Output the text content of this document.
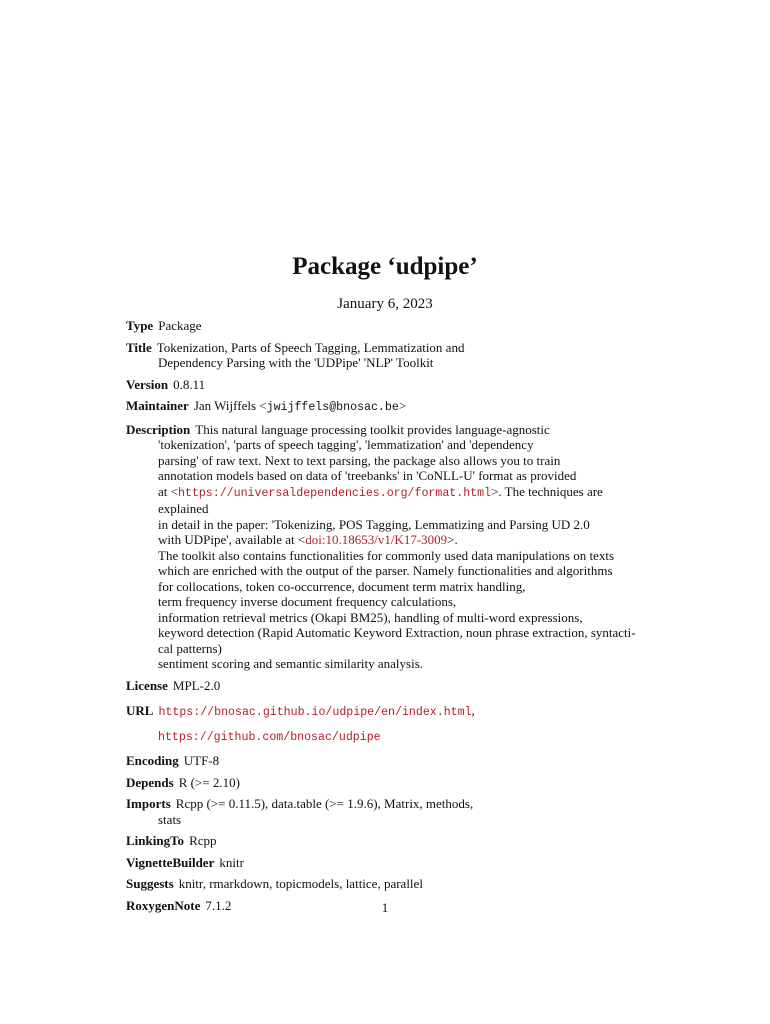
Package ‘udpipe’
January 6, 2023
Type Package
Title Tokenization, Parts of Speech Tagging, Lemmatization and
Dependency Parsing with the 'UDPipe' 'NLP' Toolkit
Version 0.8.11
Maintainer Jan Wijffels <jwijffels@bnosac.be>
Description This natural language processing toolkit provides language-agnostic
'tokenization', 'parts of speech tagging', 'lemmatization' and 'dependency
parsing' of raw text. Next to text parsing, the package also allows you to train
annotation models based on data of 'treebanks' in 'CoNLL-U' format as provided
at <https://universaldependencies.org/format.html>. The techniques are explained
in detail in the paper: 'Tokenizing, POS Tagging, Lemmatizing and Parsing UD 2.0
with UDPipe', available at <doi:10.18653/v1/K17-3009>.
The toolkit also contains functionalities for commonly used data manipulations on texts
which are enriched with the output of the parser. Namely functionalities and algorithms
for collocations, token co-occurrence, document term matrix handling,
term frequency inverse document frequency calculations,
information retrieval metrics (Okapi BM25), handling of multi-word expressions,
keyword detection (Rapid Automatic Keyword Extraction, noun phrase extraction, syntacti-
cal patterns)
sentiment scoring and semantic similarity analysis.
License MPL-2.0
URL https://bnosac.github.io/udpipe/en/index.html,
https://github.com/bnosac/udpipe
Encoding UTF-8
Depends R (>= 2.10)
Imports Rcpp (>= 0.11.5), data.table (>= 1.9.6), Matrix, methods,
stats
LinkingTo Rcpp
VignetteBuilder knitr
Suggests knitr, rmarkdown, topicmodels, lattice, parallel
RoxygenNote 7.1.2	1
